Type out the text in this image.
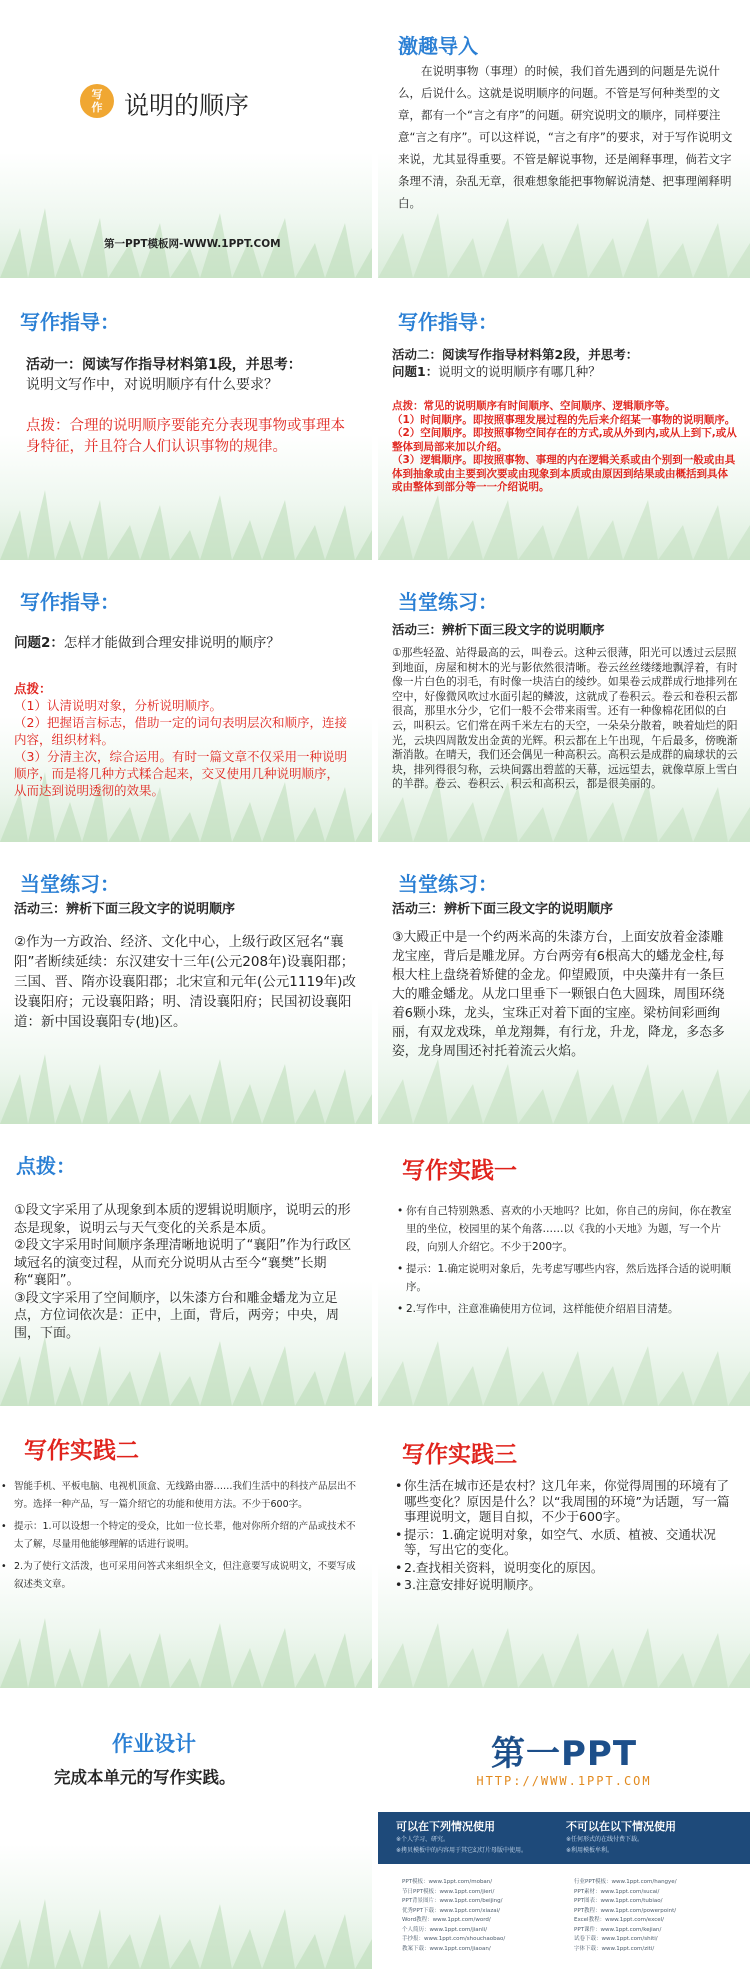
写
作 说明的顺序
第一PPT模板网-WWW.1PPT.COM
激趣导入
在说明事物（事理）的时候，我们首先遇到的问题是先说什么，后说什么。这就是说明顺序的问题。不管是写何种类型的文章，都有一个“言之有序”的问题。研究说明文的顺序，同样要注意“言之有序”。可以这样说，“言之有序”的要求，对于写作说明文来说，尤其显得重要。不管是解说事物，还是阐释事理，倘若文字条理不清，杂乱无章，很难想象能把事物解说清楚、把事理阐释明白。
写作指导：
活动一：阅读写作指导材料第1段，并思考：
说明文写作中，对说明顺序有什么要求？
点拨：合理的说明顺序要能充分表现事物或事理本身特征，并且符合人们认识事物的规律。
写作指导：
活动二：阅读写作指导材料第2段，并思考：
问题1：说明文的说明顺序有哪几种？
点拨：常见的说明顺序有时间顺序、空间顺序、逻辑顺序等。
（1）时间顺序。即按照事理发展过程的先后来介绍某一事物的说明顺序。
（2）空间顺序。即按照事物空间存在的方式,或从外到内,或从上到下,或从整体到局部来加以介绍。
（3）逻辑顺序。即按照事物、事理的内在逻辑关系或由个别到一般或由具体到抽象或由主要到次要或由现象到本质或由原因到结果或由概括到具体或由整体到部分等一一介绍说明。
写作指导：
问题2：怎样才能做到合理安排说明的顺序？
点拨：
（1）认清说明对象，分析说明顺序。
（2）把握语言标志，借助一定的词句表明层次和顺序，连接内容，组织材料。
（3）分清主次，综合运用。有时一篇文章不仅采用一种说明顺序，而是将几种方式糅合起来，交叉使用几种说明顺序，从而达到说明透彻的效果。
当堂练习：
活动三：辨析下面三段文字的说明顺序
①那些轻盈、站得最高的云，叫卷云。这种云很薄，阳光可以透过云层照到地面，房屋和树木的光与影依然很清晰。卷云丝丝缕缕地飘浮着，有时像一片白色的羽毛，有时像一块洁白的绫纱。如果卷云成群成行地排列在空中，好像微风吹过水面引起的鳞波，这就成了卷积云。卷云和卷积云都很高，那里水分少，它们一般不会带来雨雪。还有一种像棉花团似的白云，叫积云。它们常在两千米左右的天空，一朵朵分散着，映着灿烂的阳光，云块四周散发出金黄的光辉。积云都在上午出现，午后最多，傍晚渐渐消散。在晴天，我们还会偶见一种高积云。高积云是成群的扁球状的云块，排列得很匀称，云块间露出碧蓝的天幕，远远望去，就像草原上雪白的羊群。卷云、卷积云、积云和高积云，都是很美丽的。
当堂练习：
活动三：辨析下面三段文字的说明顺序
②作为一方政治、经济、文化中心，上级行政区冠名“襄阳”者断续延续：东汉建安十三年(公元208年)设襄阳郡；三国、晋、隋亦设襄阳郡；北宋宣和元年(公元1119年)改设襄阳府；元设襄阳路；明、清设襄阳府；民国初设襄阳道：新中国设襄阳专(地)区。
当堂练习：
活动三：辨析下面三段文字的说明顺序
③大殿正中是一个约两米高的朱漆方台，上面安放着金漆雕龙宝座，背后是雕龙屏。方台两旁有6根高大的蟠龙金柱,每根大柱上盘绕着矫健的金龙。仰望殿顶，中央藻井有一条巨大的雕金蟠龙。从龙口里垂下一颗银白色大圆珠，周围环绕着6颗小珠，龙头，宝珠正对着下面的宝座。梁枋间彩画绚丽，有双龙戏珠，单龙翔舞，有行龙，升龙，降龙，多态多姿，龙身周围还衬托着流云火焰。
点拨：
①段文字采用了从现象到本质的逻辑说明顺序，说明云的形态是现象，说明云与天气变化的关系是本质。
②段文字采用时间顺序条理清晰地说明了“襄阳”作为行政区域冠名的演变过程，从而充分说明从古至今“襄樊”长期称“襄阳”。
③段文字采用了空间顺序，以朱漆方台和雕金蟠龙为立足点，方位词依次是：正中，上面，背后，两旁；中央，周围，下面。
写作实践一
• 你有自己特别熟悉、喜欢的小天地吗？比如，你自己的房间，你在教室里的坐位，校园里的某个角落……以《我的小天地》为题，写一个片段，向别人介绍它。不少于200字。
• 提示：1.确定说明对象后，先考虑写哪些内容，然后选择合适的说明顺序。
• 2.写作中，注意准确使用方位词，这样能使介绍眉目清楚。
写作实践二
• 智能手机、平板电脑、电视机顶盒、无线路由器……我们生活中的科技产品层出不穷。选择一种产品，写一篇介绍它的功能和使用方法。不少于600字。
• 提示：1.可以设想一个特定的受众，比如一位长辈，他对你所介绍的产品或技术不太了解，尽量用他能够理解的话进行说明。
• 2.为了使行文活泼，也可采用问答式来组织全文，但注意要写成说明文，不要写成叙述类文章。
写作实践三
• 你生活在城市还是农村？这几年来，你觉得周围的环境有了哪些变化？原因是什么？以“我周围的环境”为话题，写一篇事理说明文，题目自拟，不少于600字。
• 提示：1.确定说明对象，如空气、水质、植被、交通状况等，写出它的变化。
• 2.查找相关资料，说明变化的原因。
• 3.注意安排好说明顺序。
作业设计
完成本单元的写作实践。
第一PPT
HTTP://WWW.1PPT.COM
可以在下列情况使用
※个人学习、研究。
※拷贝模板中的内容用于其它幻灯片母版中使用。
不可以在以下情况使用
※任何形式的在线付费下载。
※利用模板牟利。
PPT模板：www.1ppt.com/moban/
节日PPT模板：www.1ppt.com/jieri/
PPT背景图片：www.1ppt.com/beijing/
优秀PPT下载：www.1ppt.com/xiazai/
Word教程：www.1ppt.com/word/
个人简历：www.1ppt.com/jianli/
手抄报：www.1ppt.com/shouchaobao/
教案下载：www.1ppt.com/jiaoan/
行业PPT模板：www.1ppt.com/hangye/
PPT素材：www.1ppt.com/sucai/
PPT图表：www.1ppt.com/tubiao/
PPT教程：www.1ppt.com/powerpoint/
Excel教程：www.1ppt.com/excel/
PPT课件：www.1ppt.com/kejian/
试卷下载：www.1ppt.com/shiti/
字体下载：www.1ppt.com/ziti/
